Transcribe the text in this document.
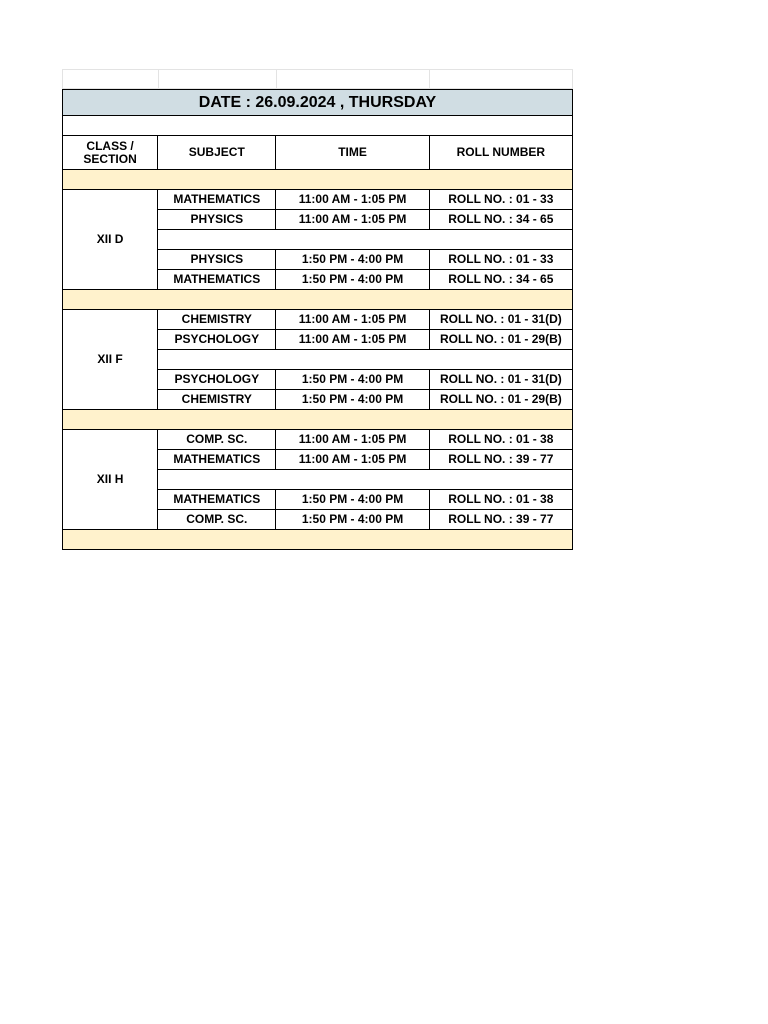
DATE : 26.09.2024 , THURSDAY			

CLASS / SECTION	SUBJECT	TIME	ROLL NUMBER

XII D	MATHEMATICS	11:00 AM - 1:05 PM	ROLL NO. : 01 - 33
	PHYSICS	11:00 AM - 1:05 PM	ROLL NO. : 34 - 65

	PHYSICS	1:50 PM - 4:00 PM	ROLL NO. : 01 - 33
	MATHEMATICS	1:50 PM - 4:00 PM	ROLL NO. : 34 - 65

XII F	CHEMISTRY	11:00 AM - 1:05 PM	ROLL NO. : 01 - 31(D)
	PSYCHOLOGY	11:00 AM - 1:05 PM	ROLL NO. : 01 - 29(B)

	PSYCHOLOGY	1:50 PM - 4:00 PM	ROLL NO. : 01 - 31(D)
	CHEMISTRY	1:50 PM - 4:00 PM	ROLL NO. : 01 - 29(B)

XII H	COMP. SC.	11:00 AM - 1:05 PM	ROLL NO. : 01 - 38
	MATHEMATICS	11:00 AM - 1:05 PM	ROLL NO. : 39 - 77

	MATHEMATICS	1:50 PM - 4:00 PM	ROLL NO. : 01 - 38
	COMP. SC.	1:50 PM - 4:00 PM	ROLL NO. : 39 - 77
